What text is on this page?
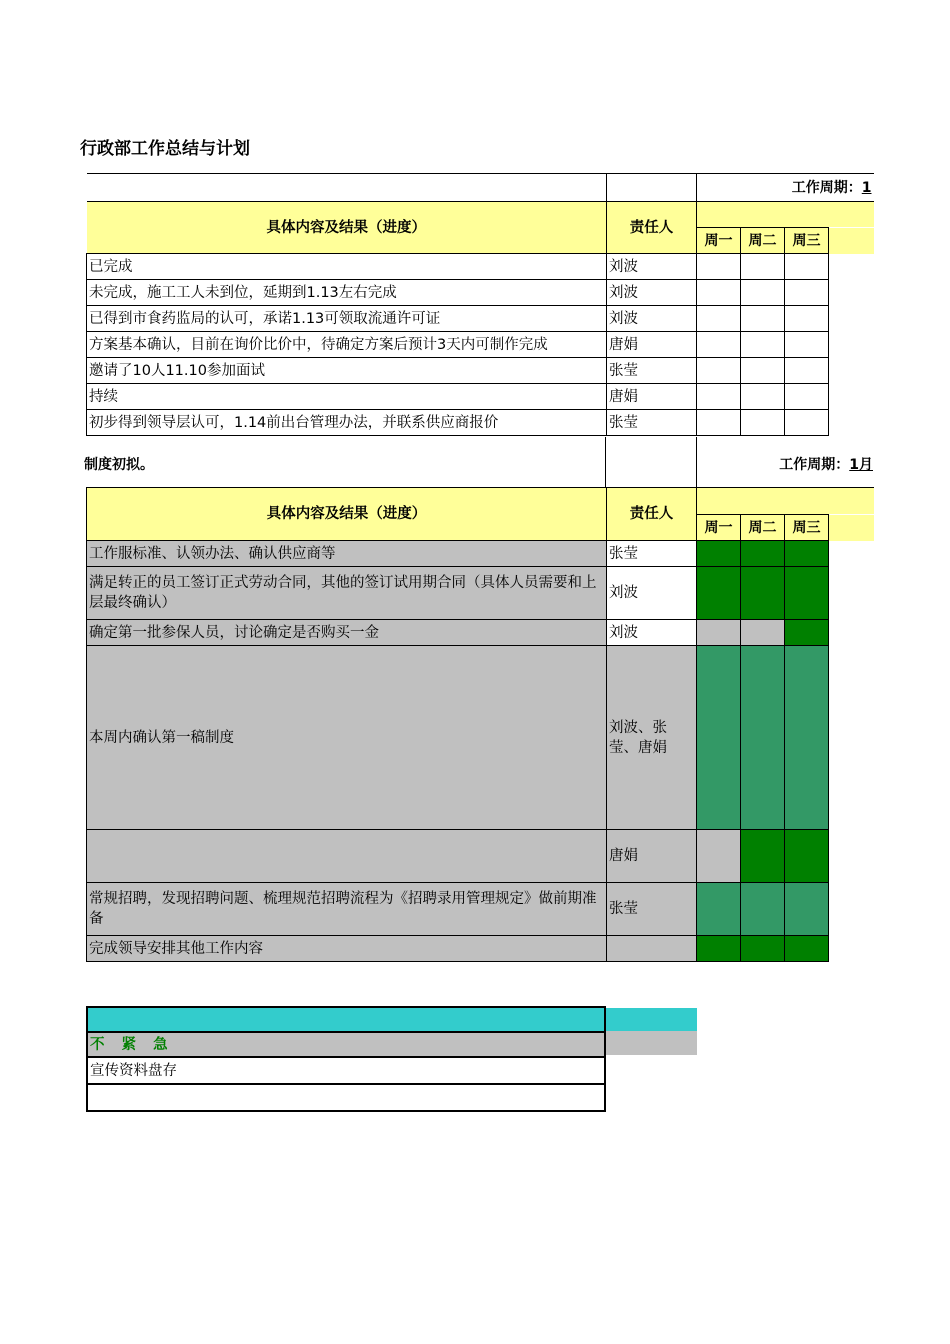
行政部工作总结与计划
		工作周期：1			
具体内容及结果（进度）	责任人				
		周一	周二	周三	
已完成	刘波				
未完成，施工工人未到位，延期到1.13左右完成	刘波				
已得到市食药监局的认可，承诺1.13可领取流通许可证	刘波				
方案基本确认，目前在询价比价中，待确定方案后预计3天内可制作完成	唐娟				
邀请了10人11.10参加面试	张莹				
持续	唐娟				
初步得到领导层认可，1.14前出台管理办法，并联系供应商报价	张莹				
制度初拟。	工作周期：1月
具体内容及结果（进度）	责任人				
		周一	周二	周三	
工作服标准、认领办法、确认供应商等	张莹				
满足转正的员工签订正式劳动合同，其他的签订试用期合同（具体人员需要和上层最终确认）	刘波				
确定第一批参保人员，讨论确定是否购买一金	刘波				
本周内确认第一稿制度	刘波、张莹、唐娟				
	唐娟				
常规招聘，发现招聘问题、梳理规范招聘流程为《招聘录用管理规定》做前期准备	张莹				
完成领导安排其他工作内容					

不 紧 急
宣传资料盘存
